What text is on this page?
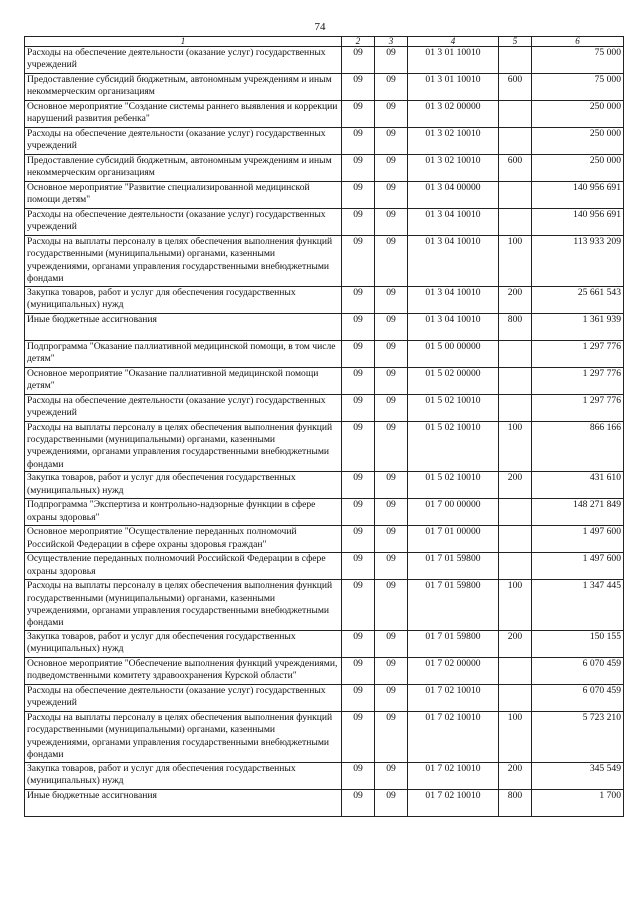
74
1	2	3	4	5	6
Расходы на обеспечение деятельности (оказание услуг) государственных учреждений	09	09	01 3 01 10010		75 000
Предоставление субсидий бюджетным, автономным учреждениям и иным некоммерческим организациям	09	09	01 3 01 10010	600	75 000
Основное мероприятие "Создание системы раннего выявления и коррекции нарушений развития ребенка"	09	09	01 3 02 00000		250 000
Расходы на обеспечение деятельности (оказание услуг) государственных учреждений	09	09	01 3 02 10010		250 000
Предоставление субсидий бюджетным, автономным учреждениям и иным некоммерческим организациям	09	09	01 3 02 10010	600	250 000
Основное мероприятие "Развитие специализированной медицинской помощи детям"	09	09	01 3 04 00000		140 956 691
Расходы на обеспечение деятельности (оказание услуг) государственных учреждений	09	09	01 3 04 10010		140 956 691
Расходы на выплаты персоналу в целях обеспечения выполнения функций государственными (муниципальными) органами, казенными учреждениями, органами управления государственными внебюджетными фондами	09	09	01 3 04 10010	100	113 933 209
Закупка товаров, работ и услуг для обеспечения государственных (муниципальных) нужд	09	09	01 3 04 10010	200	25 661 543
Иные бюджетные ассигнования	09	09	01 3 04 10010	800	1 361 939
Подпрограмма "Оказание паллиативной медицинской помощи, в том числе детям"	09	09	01 5 00 00000		1 297 776
Основное мероприятие "Оказание паллиативной медицинской помощи детям"	09	09	01 5 02 00000		1 297 776
Расходы на обеспечение деятельности (оказание услуг) государственных учреждений	09	09	01 5 02 10010		1 297 776
Расходы на выплаты персоналу в целях обеспечения выполнения функций государственными (муниципальными) органами, казенными учреждениями, органами управления государственными внебюджетными фондами	09	09	01 5 02 10010	100	866 166
Закупка товаров, работ и услуг для обеспечения государственных (муниципальных) нужд	09	09	01 5 02 10010	200	431 610
Подпрограмма "Экспертиза и контрольно-надзорные функции в сфере охраны здоровья"	09	09	01 7 00 00000		148 271 849
Основное мероприятие "Осуществление переданных полномочий Российской Федерации в сфере охраны здоровья граждан"	09	09	01 7 01 00000		1 497 600
Осуществление переданных полномочий Российской Федерации в сфере охраны здоровья	09	09	01 7 01 59800		1 497 600
Расходы на выплаты персоналу в целях обеспечения выполнения функций государственными (муниципальными) органами, казенными учреждениями, органами управления государственными внебюджетными фондами	09	09	01 7 01 59800	100	1 347 445
Закупка товаров, работ и услуг для обеспечения государственных (муниципальных) нужд	09	09	01 7 01 59800	200	150 155
Основное мероприятие "Обеспечение выполнения функций учреждениями, подведомственными комитету здравоохранения Курской области"	09	09	01 7 02 00000		6 070 459
Расходы на обеспечение деятельности (оказание услуг) государственных учреждений	09	09	01 7 02 10010		6 070 459
Расходы на выплаты персоналу в целях обеспечения выполнения функций государственными (муниципальными) органами, казенными учреждениями, органами управления государственными внебюджетными фондами	09	09	01 7 02 10010	100	5 723 210
Закупка товаров, работ и услуг для обеспечения государственных (муниципальных) нужд	09	09	01 7 02 10010	200	345 549
Иные бюджетные ассигнования	09	09	01 7 02 10010	800	1 700
